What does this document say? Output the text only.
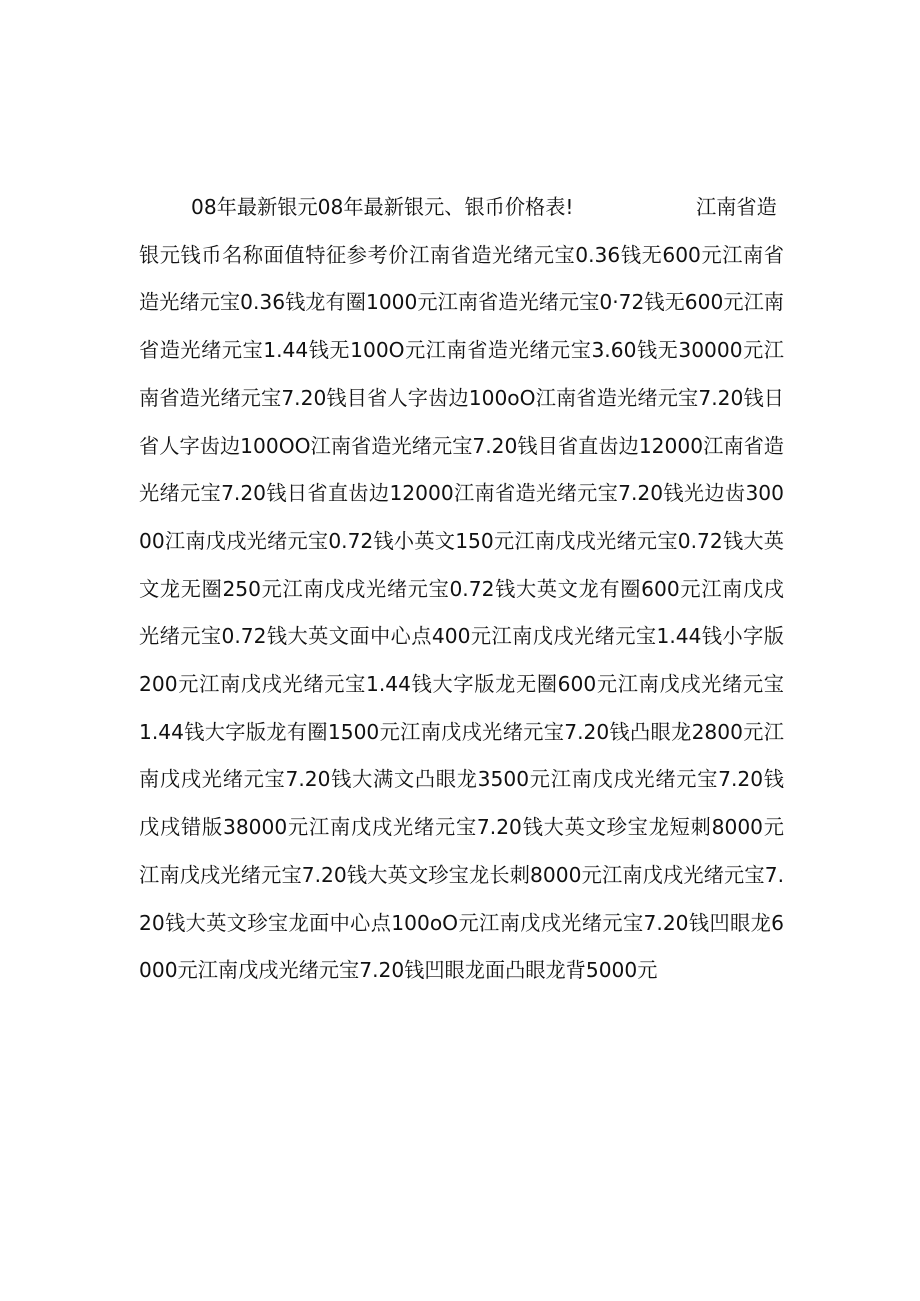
08年最新银元08年最新银元、银币价格表!	江南省造
银元钱币名称面值特征参考价江南省造光绪元宝0.36钱无600元江南省造光绪元宝0.36钱龙有圈1000元江南省造光绪元宝0·72钱无600元江南省造光绪元宝1.44钱无100O元江南省造光绪元宝3.60钱无30000元江南省造光绪元宝7.20钱目省人字齿边100oO江南省造光绪元宝7.20钱日省人字齿边100OO江南省造光绪元宝7.20钱目省直齿边12000江南省造光绪元宝7.20钱日省直齿边12000江南省造光绪元宝7.20钱光边齿30000江南戊戌光绪元宝0.72钱小英文150元江南戊戌光绪元宝0.72钱大英文龙无圈250元江南戊戌光绪元宝0.72钱大英文龙有圈600元江南戊戌光绪元宝0.72钱大英文面中心点400元江南戊戌光绪元宝1.44钱小字版200元江南戊戌光绪元宝1.44钱大字版龙无圈600元江南戊戌光绪元宝1.44钱大字版龙有圈1500元江南戊戌光绪元宝7.20钱凸眼龙2800元江南戊戌光绪元宝7.20钱大满文凸眼龙3500元江南戊戌光绪元宝7.20钱戊戌错版38000元江南戊戌光绪元宝7.20钱大英文珍宝龙短刺8000元江南戊戌光绪元宝7.20钱大英文珍宝龙长刺8000元江南戊戌光绪元宝7.20钱大英文珍宝龙面中心点100oO元江南戊戌光绪元宝7.20钱凹眼龙6000元江南戊戌光绪元宝7.20钱凹眼龙面凸眼龙背5000元
